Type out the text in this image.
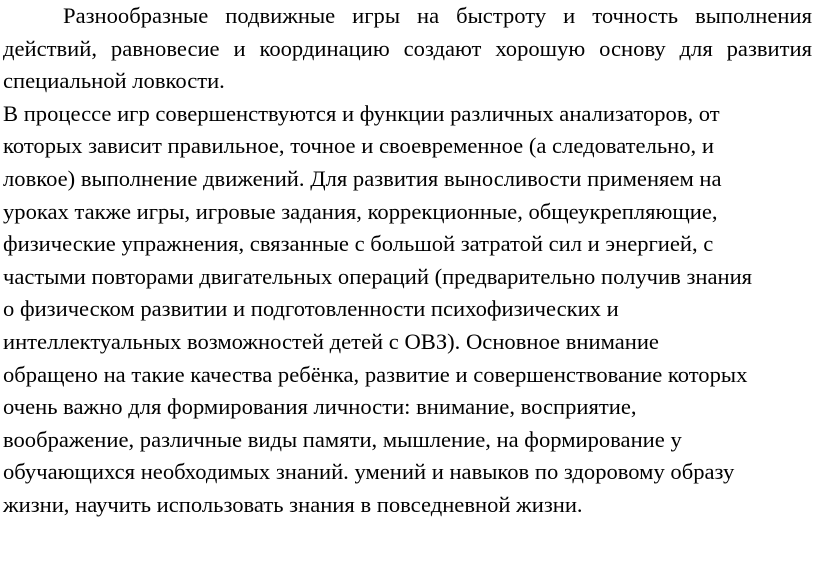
Разнообразные подвижные игры на быстроту и точность выполнения действий, равновесие и координацию создают хорошую основу для развития специальной ловкости.

В процессе игр совершенствуются и функции различных анализаторов, от
которых зависит правильное, точное и своевременное (а следовательно, и
ловкое) выполнение движений. Для развития выносливости применяем на
уроках также игры, игровые задания, коррекционные, общеукрепляющие,
физические упражнения, связанные с большой затратой сил и энергией, с
частыми повторами двигательных операций (предварительно получив знания
о физическом развитии и подготовленности психофизических и
интеллектуальных возможностей детей с ОВЗ). Основное внимание
обращено на такие качества ребёнка, развитие и совершенствование которых
очень важно для формирования личности: внимание, восприятие,
воображение, различные виды памяти, мышление, на формирование у
обучающихся необходимых знаний. умений и навыков по здоровому образу
жизни, научить использовать знания в повседневной жизни.
